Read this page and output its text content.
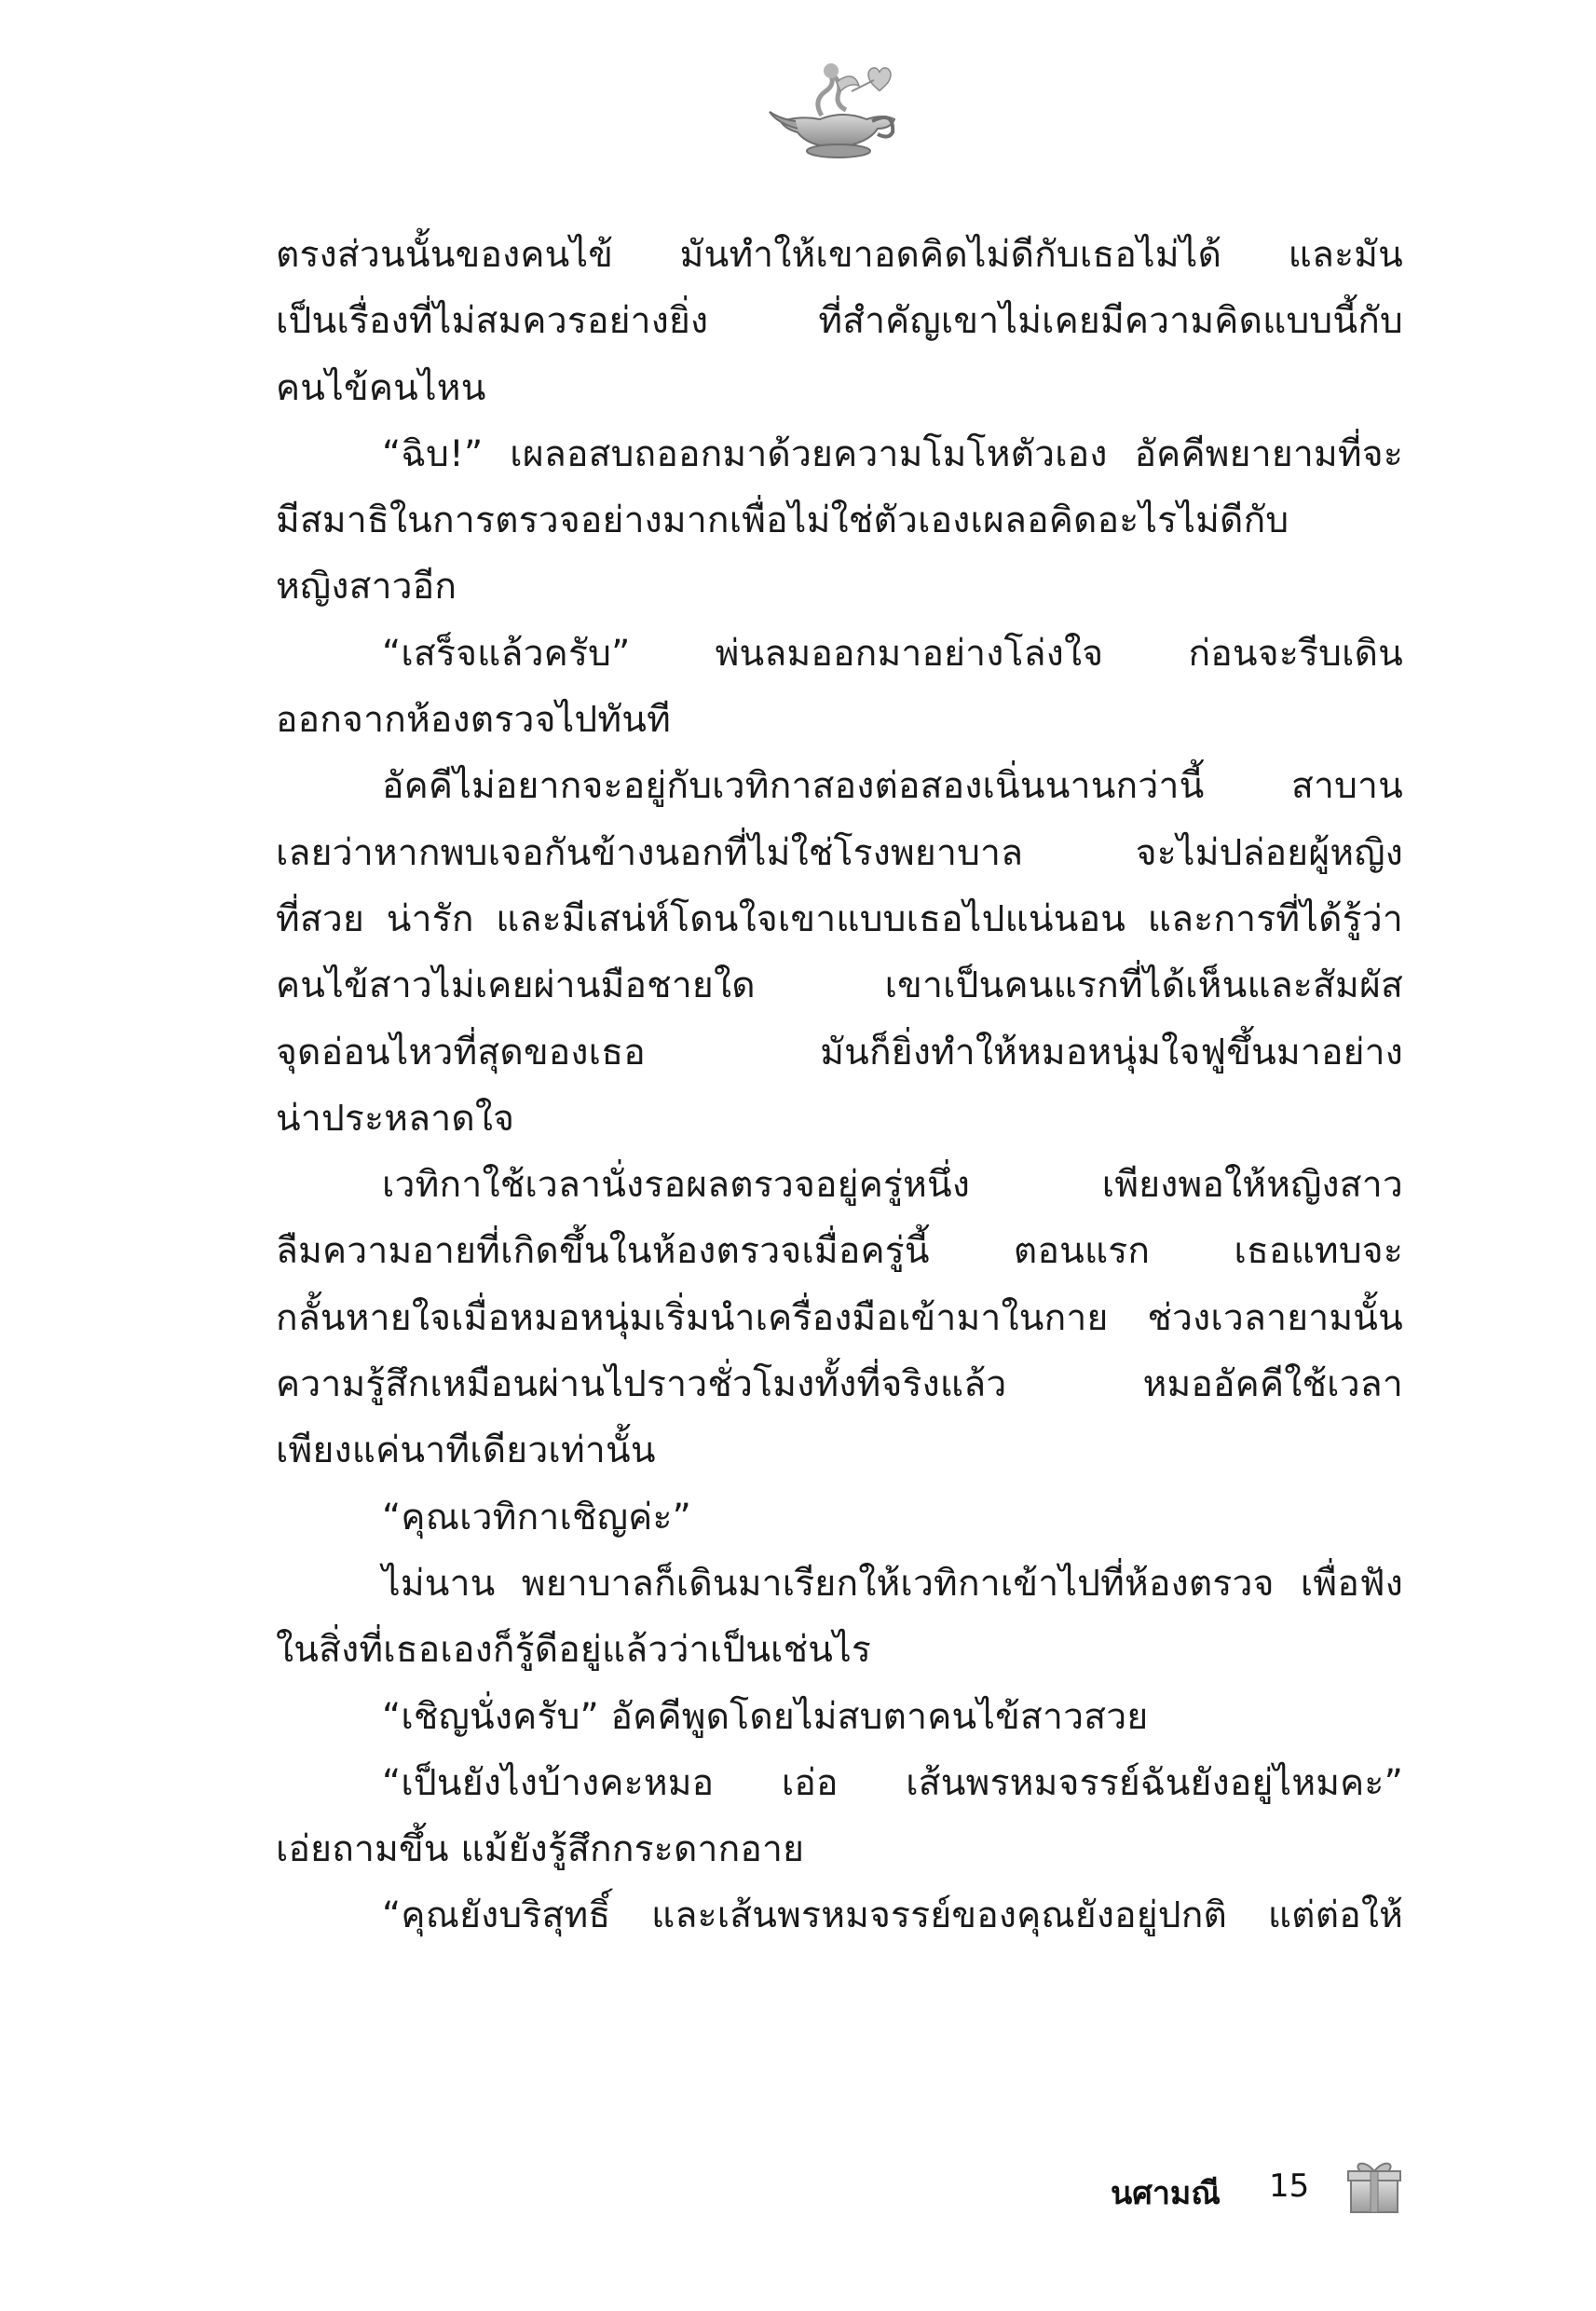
ตรงส่วนนั้นของคนไข้ มันทำให้เขาอดคิดไม่ดีกับเธอไม่ได้ และมัน
เป็นเรื่องที่ไม่สมควรอย่างยิ่ง ที่สำคัญเขาไม่เคยมีความคิดแบบนี้กับ
คนไข้คนไหน
“ฉิบ!” เผลอสบถออกมาด้วยความโมโหตัวเอง อัคคีพยายามที่จะ
มีสมาธิในการตรวจอย่างมากเพื่อไม่ใช่ตัวเองเผลอคิดอะไรไม่ดีกับ
หญิงสาวอีก
“เสร็จแล้วครับ” พ่นลมออกมาอย่างโล่งใจ ก่อนจะรีบเดิน
ออกจากห้องตรวจไปทันที
อัคคีไม่อยากจะอยู่กับเวทิกาสองต่อสองเนิ่นนานกว่านี้ สาบาน
เลยว่าหากพบเจอกันข้างนอกที่ไม่ใช่โรงพยาบาล จะไม่ปล่อยผู้หญิง
ที่สวย น่ารัก และมีเสน่ห์โดนใจเขาแบบเธอไปแน่นอน และการที่ได้รู้ว่า
คนไข้สาวไม่เคยผ่านมือชายใด เขาเป็นคนแรกที่ได้เห็นและสัมผัส
จุดอ่อนไหวที่สุดของเธอ มันก็ยิ่งทำให้หมอหนุ่มใจฟูขึ้นมาอย่าง
น่าประหลาดใจ
เวทิกาใช้เวลานั่งรอผลตรวจอยู่ครู่หนึ่ง เพียงพอให้หญิงสาว
ลืมความอายที่เกิดขึ้นในห้องตรวจเมื่อครู่นี้ ตอนแรก เธอแทบจะ
กลั้นหายใจเมื่อหมอหนุ่มเริ่มนำเครื่องมือเข้ามาในกาย ช่วงเวลายามนั้น
ความรู้สึกเหมือนผ่านไปราวชั่วโมงทั้งที่จริงแล้ว หมออัคคีใช้เวลา
เพียงแค่นาทีเดียวเท่านั้น
“คุณเวทิกาเชิญค่ะ”
ไม่นาน พยาบาลก็เดินมาเรียกให้เวทิกาเข้าไปที่ห้องตรวจ เพื่อฟัง
ในสิ่งที่เธอเองก็รู้ดีอยู่แล้วว่าเป็นเช่นไร
“เชิญนั่งครับ” อัคคีพูดโดยไม่สบตาคนไข้สาวสวย
“เป็นยังไงบ้างคะหมอ เอ่อ เส้นพรหมจรรย์ฉันยังอยู่ไหมคะ”
เอ่ยถามขึ้น แม้ยังรู้สึกกระดากอาย
“คุณยังบริสุทธิ์ และเส้นพรหมจรรย์ของคุณยังอยู่ปกติ แต่ต่อให้
นศามณี 15
